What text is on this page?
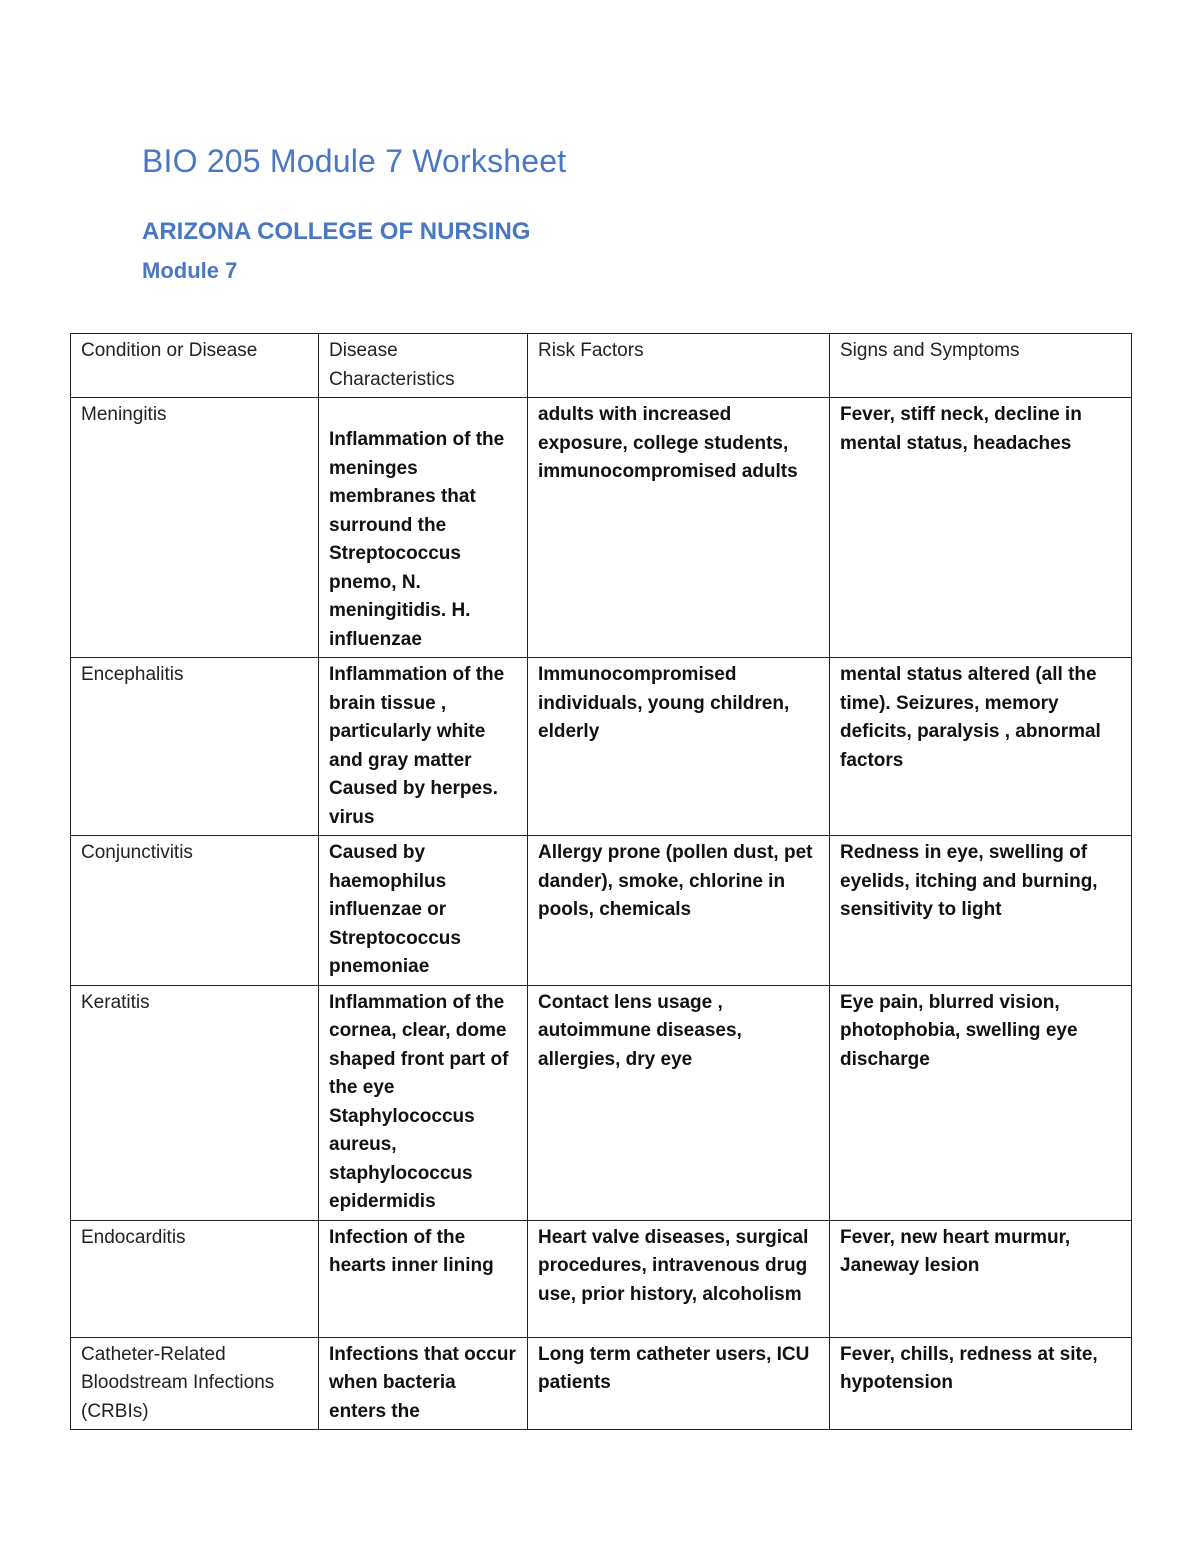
BIO 205 Module 7 Worksheet
ARIZONA COLLEGE OF NURSING
Module 7
Condition or Disease	Disease Characteristics	Risk Factors	Signs and Symptoms
Meningitis	Inflammation of the meninges membranes that surround the Streptococcus pnemo, N. meningitidis. H. influenzae	adults with increased exposure, college students, immunocompromised adults	Fever, stiff neck, decline in mental status, headaches
Encephalitis	Inflammation of the brain tissue , particularly white and gray matter Caused by herpes. virus	Immunocompromised individuals, young children, elderly	mental status altered (all the time). Seizures, memory deficits, paralysis , abnormal factors
Conjunctivitis	Caused by haemophilus influenzae or Streptococcus pnemoniae	Allergy prone (pollen dust, pet dander), smoke, chlorine in pools, chemicals	Redness in eye, swelling of eyelids, itching and burning, sensitivity to light
Keratitis	Inflammation of the cornea, clear, dome shaped front part of the eye Staphylococcus aureus, staphylococcus epidermidis	Contact lens usage , autoimmune diseases, allergies, dry eye	Eye pain, blurred vision, photophobia, swelling eye discharge
Endocarditis	Infection of the hearts inner lining	Heart valve diseases, surgical procedures, intravenous drug use, prior history, alcoholism	Fever, new heart murmur, Janeway lesion
Catheter-Related Bloodstream Infections (CRBIs)	Infections that occur when bacteria enters the	Long term catheter users, ICU patients	Fever, chills, redness at site, hypotension
